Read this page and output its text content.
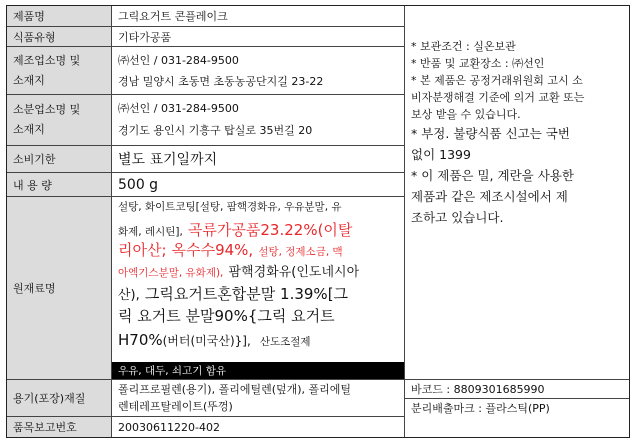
제품명
식품유형
제조업소명 및
소재지
소분업소명 및
소재지
소비기한
내 용 량
원재료명
용기(포장)재질
품목보고번호
그릭요거트 콘플레이크
기타가공품
㈜선인 / 031-284-9500
경남 밀양시 초동면 초동농공단지길 23-22
㈜선인 / 031-284-9500
경기도 용인시 기흥구 탑실로 35번길 20
별도 표기일까지
500 g
설탕, 화이트코팅[설탕, 팜핵경화유, 우유분말, 유
화제, 레시틴], 곡류가공품23.22%(이탈
리아산; 옥수수94%, 설탕, 정제소금, 맥
아엑기스분말, 유화제), 팜핵경화유(인도네시아
산), 그릭요거트혼합분말 1.39%[그
릭 요거트 분말90%{그릭 요거트
H70%(버터(미국산)}], 산도조절제
우유, 대두, 쇠고기 함유
폴리프로필렌(용기), 폴리에틸렌(덮개), 폴리에틸
렌테레프탈레이트(뚜껑)
20030611220-402
* 보관조건 : 실온보관
* 반품 및 교환장소 : ㈜선인
* 본 제품은 공정거래위원회 고시 소
비자분쟁해결 기준에 의거 교환 또는
보상 받을 수 있습니다.
* 부정. 불량식품 신고는 국번
없이 1399
* 이 제품은 밀, 계란을 사용한
제품과 같은 제조시설에서 제
조하고 있습니다.
바코드 : 8809301685990
분리배출마크 : 플라스틱(PP)
